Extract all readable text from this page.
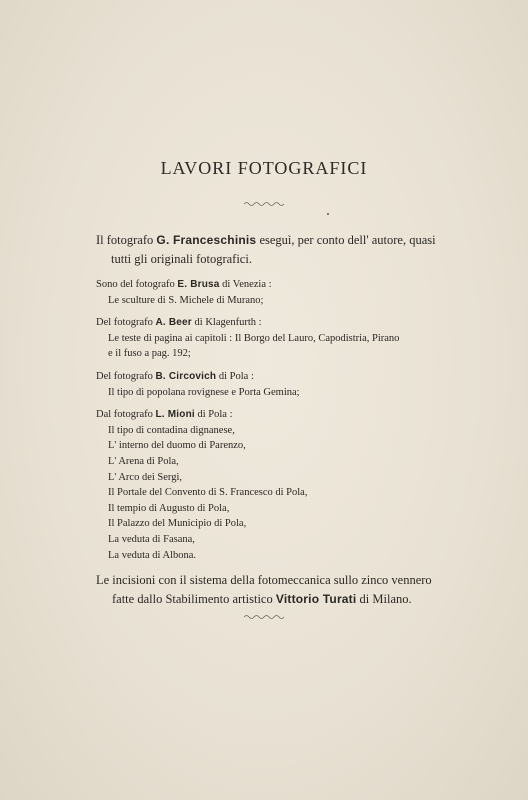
LAVORI FOTOGRAFICI

Il fotografo G. Franceschinis eseguì, per conto dell' autore, quasi
tutti gli originali fotografici.

Sono del fotografo E. Brusa di Venezia :
Le sculture di S. Michele di Murano;
Del fotografo A. Beer di Klagenfurth :
Le teste di pagina ai capitoli : Il Borgo del Lauro, Capodistria, Pirano
e il fuso a pag. 192;
Del fotografo B. Circovich di Pola :
Il tipo di popolana rovignese e Porta Gemina;
Dal fotografo L. Mioni di Pola :
Il tipo di contadina dignanese,
L' interno del duomo di Parenzo,
L' Arena di Pola,
L' Arco dei Sergi,
Il Portale del Convento di S. Francesco di Pola,
Il tempio di Augusto di Pola,
Il Palazzo del Municipio di Pola,
La veduta di Fasana,
La veduta di Albona.

Le incisioni con il sistema della fotomeccanica sullo zinco vennero
fatte dallo Stabilimento artistico Vittorio Turati di Milano.
